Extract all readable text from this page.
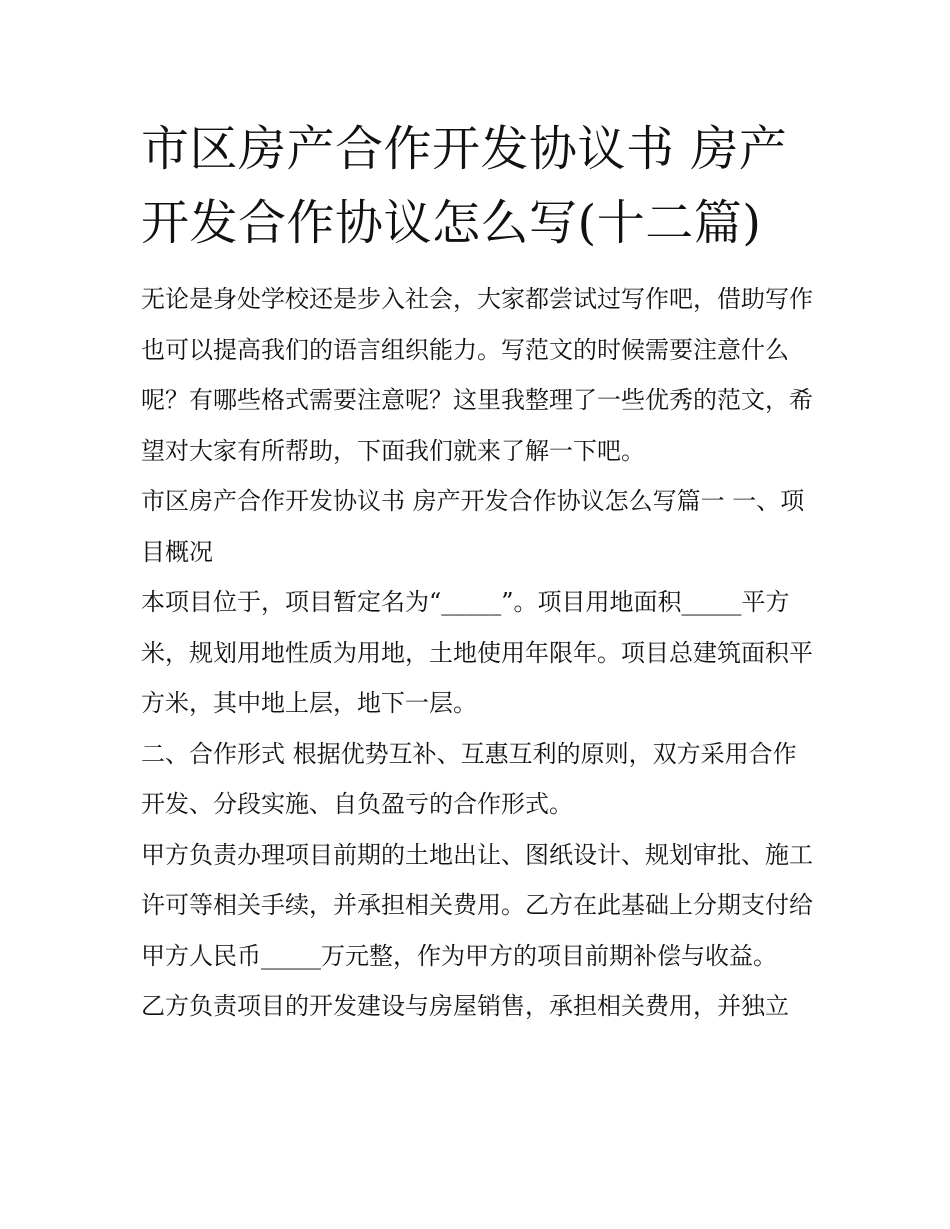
市区房产合作开发协议书 房产开发合作协议怎么写(十二篇)

无论是身处学校还是步入社会，大家都尝试过写作吧，借助写作也可以提高我们的语言组织能力。写范文的时候需要注意什么呢？有哪些格式需要注意呢？这里我整理了一些优秀的范文，希望对大家有所帮助，下面我们就来了解一下吧。

市区房产合作开发协议书 房产开发合作协议怎么写篇一 一、项目概况

本项目位于，项目暂定名为“_____”。项目用地面积_____平方米，规划用地性质为用地，土地使用年限年。项目总建筑面积平方米，其中地上层，地下一层。

二、合作形式 根据优势互补、互惠互利的原则，双方采用合作开发、分段实施、自负盈亏的合作形式。

甲方负责办理项目前期的土地出让、图纸设计、规划审批、施工许可等相关手续，并承担相关费用。乙方在此基础上分期支付给甲方人民币_____万元整，作为甲方的项目前期补偿与收益。

乙方负责项目的开发建设与房屋销售，承担相关费用，并独立
